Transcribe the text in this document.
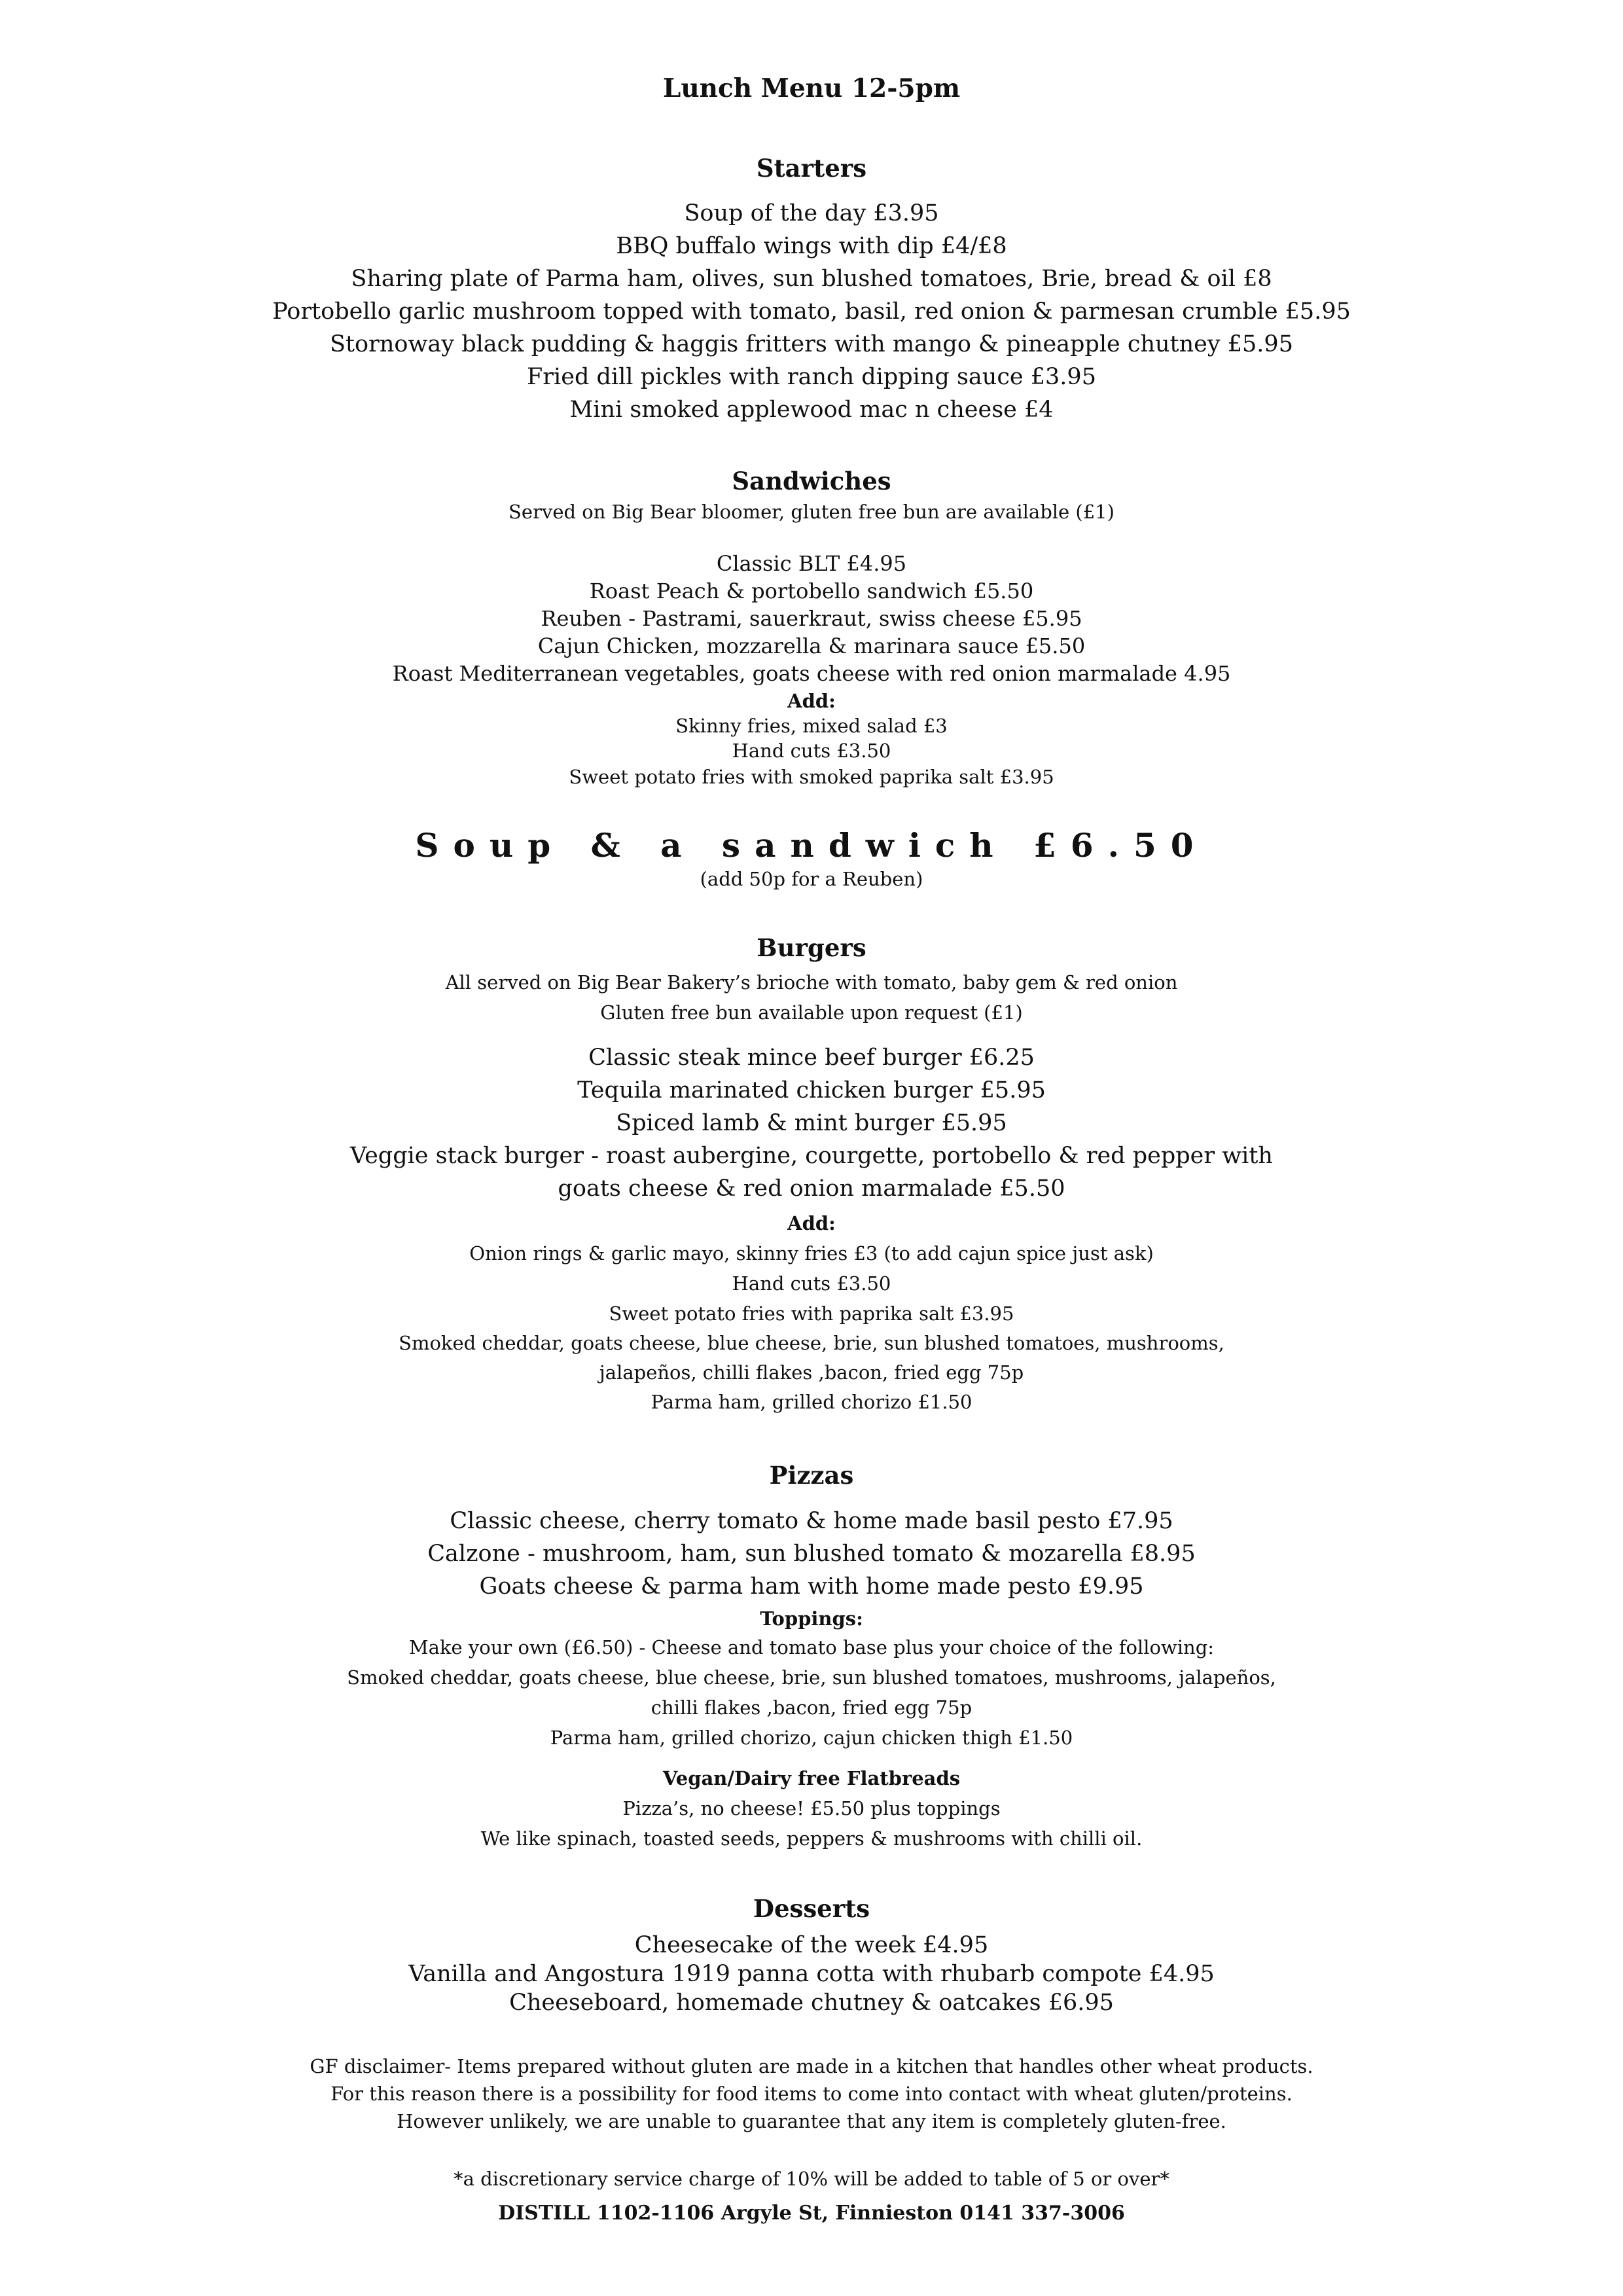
Lunch Menu 12-5pm
Starters
Soup of the day £3.95
BBQ buffalo wings with dip £4/£8
Sharing plate of Parma ham, olives, sun blushed tomatoes, Brie, bread & oil £8
Portobello garlic mushroom topped with tomato, basil, red onion & parmesan crumble £5.95
Stornoway black pudding & haggis fritters with mango & pineapple chutney £5.95
Fried dill pickles with ranch dipping sauce £3.95
Mini smoked applewood mac n cheese £4
Sandwiches
Served on Big Bear bloomer, gluten free bun are available (£1)
Classic BLT £4.95
Roast Peach & portobello sandwich £5.50
Reuben - Pastrami, sauerkraut, swiss cheese £5.95
Cajun Chicken, mozzarella & marinara sauce £5.50
Roast Mediterranean vegetables, goats cheese with red onion marmalade 4.95
Add:
Skinny fries, mixed salad £3
Hand cuts £3.50
Sweet potato fries with smoked paprika salt £3.95
Soup & a sandwich £6.50
(add 50p for a Reuben)
Burgers
All served on Big Bear Bakery’s brioche with tomato, baby gem & red onion
Gluten free bun available upon request (£1)
Classic steak mince beef burger £6.25
Tequila marinated chicken burger £5.95
Spiced lamb & mint burger £5.95
Veggie stack burger - roast aubergine, courgette, portobello & red pepper with
goats cheese & red onion marmalade £5.50
Add:
Onion rings & garlic mayo, skinny fries £3 (to add cajun spice just ask)
Hand cuts £3.50
Sweet potato fries with paprika salt £3.95
Smoked cheddar, goats cheese, blue cheese, brie, sun blushed tomatoes, mushrooms,
jalapeños, chilli flakes ,bacon, fried egg 75p
Parma ham, grilled chorizo £1.50
Pizzas
Classic cheese, cherry tomato & home made basil pesto £7.95
Calzone - mushroom, ham, sun blushed tomato & mozarella £8.95
Goats cheese & parma ham with home made pesto £9.95
Toppings:
Make your own (£6.50) - Cheese and tomato base plus your choice of the following:
Smoked cheddar, goats cheese, blue cheese, brie, sun blushed tomatoes, mushrooms, jalapeños,
chilli flakes ,bacon, fried egg 75p
Parma ham, grilled chorizo, cajun chicken thigh £1.50
Vegan/Dairy free Flatbreads
Pizza’s, no cheese! £5.50 plus toppings
We like spinach, toasted seeds, peppers & mushrooms with chilli oil.
Desserts
Cheesecake of the week £4.95
Vanilla and Angostura 1919 panna cotta with rhubarb compote £4.95
Cheeseboard, homemade chutney & oatcakes £6.95
GF disclaimer- Items prepared without gluten are made in a kitchen that handles other wheat products.
For this reason there is a possibility for food items to come into contact with wheat gluten/proteins.
However unlikely, we are unable to guarantee that any item is completely gluten-free.
*a discretionary service charge of 10% will be added to table of 5 or over*
DISTILL 1102-1106 Argyle St, Finnieston 0141 337-3006
